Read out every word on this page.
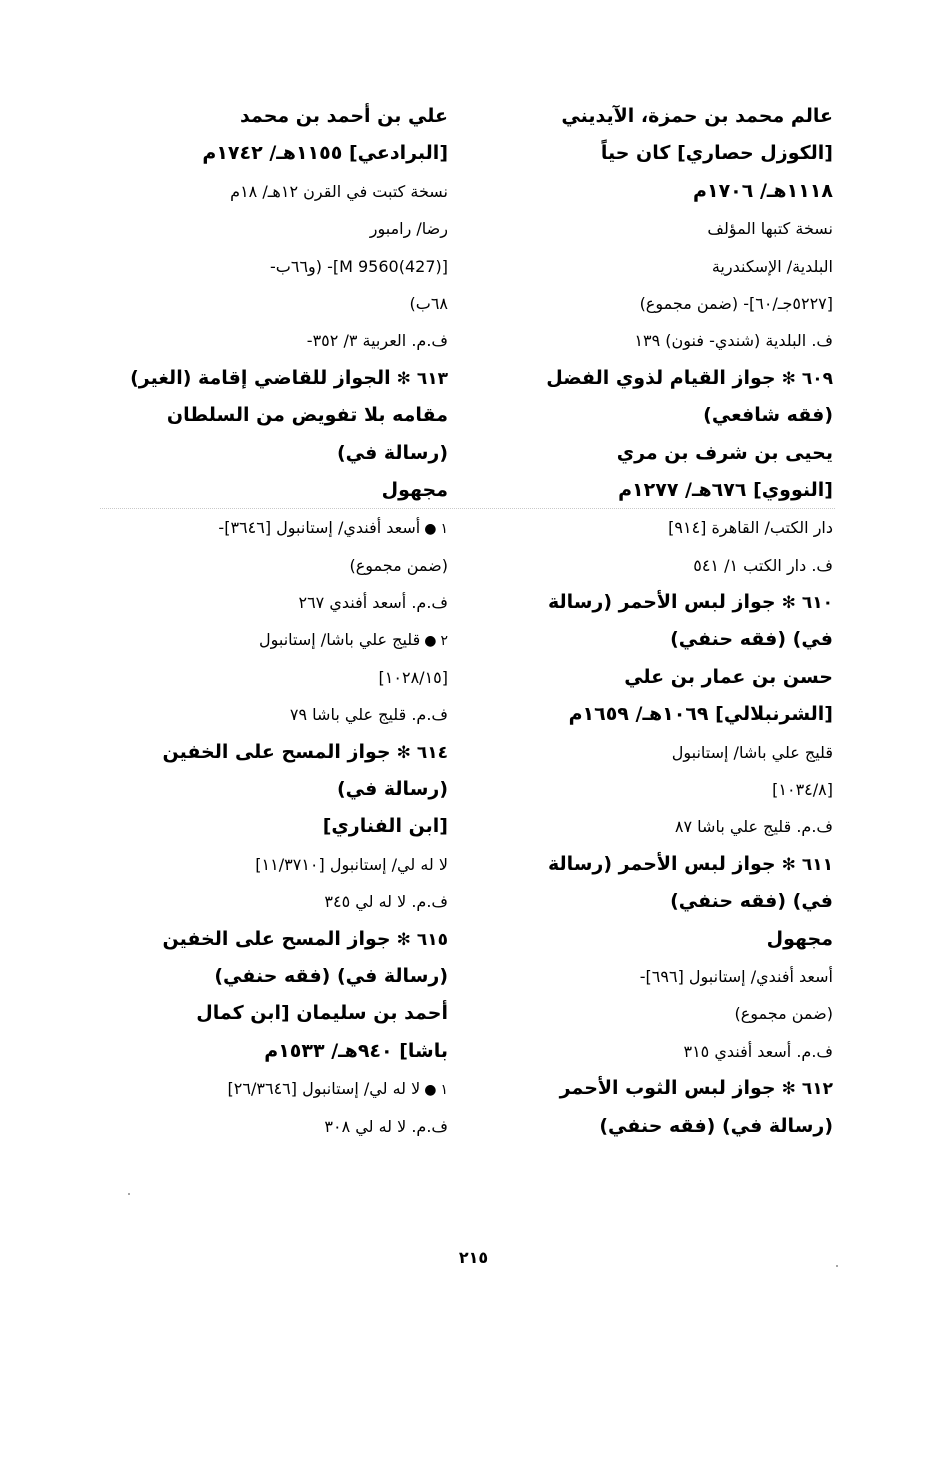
عالم محمد بن حمزة، الآيديني
[الكوزل حصاري] كان حياً
١١١٨هـ/ ١٧٠٦م
نسخة كتبها المؤلف
البلدية/ الإسكندرية
[٥٢٢٧جـ/٦٠]- (ضمن مجموع)
ف. البلدية (شندي- فنون) ١٣٩
٦٠٩✻جواز القيام لذوي الفضل
(فقه شافعي)
يحيى بن شرف بن مري
[النووي] ٦٧٦هـ/ ١٢٧٧م
دار الكتب/ القاهرة [٩١٤]
ف. دار الكتب ١/ ٥٤١
٦١٠✻جواز لبس الأحمر (رسالة
في) (فقه حنفي)
حسن بن عمار بن علي
[الشرنبلالي] ١٠٦٩هـ/ ١٦٥٩م
قليج علي باشا/ إستانبول
[١٠٣٤/٨]
ف.م. قليج علي باشا ٨٧
٦١١✻جواز لبس الأحمر (رسالة
في) (فقه حنفي)
مجهول
أسعد أفندي/ إستانبول [٦٩٦]-
(ضمن مجموع)
ف.م. أسعد أفندي ٣١٥
٦١٢✻جواز لبس الثوب الأحمر
(رسالة في) (فقه حنفي)
علي بن أحمد بن محمد
[البرادعي] ١١٥٥هـ/ ١٧٤٢م
نسخة كتبت في القرن ١٢هـ/ ١٨م
رضا/ رامبور
[M 9560(427)]- (و٦٦ب-
٦٨ب)
ف.م. العربية ٣/ ٣٥٢-
٦١٣✻الجواز للقاضي إقامة (الغير)
مقامه بلا تفويض من السلطان
(رسالة في)
مجهول
١●أسعد أفندي/ إستانبول [٣٦٤٦]-
(ضمن مجموع)
ف.م. أسعد أفندي ٢٦٧
٢●قليج علي باشا/ إستانبول
[١٠٢٨/١٥]
ف.م. قليج علي باشا ٧٩
٦١٤✻جواز المسح على الخفين
(رسالة في)
[ابن الفناري]
لا له لي/ إستانبول [١١/٣٧١٠]
ف.م. لا له لي ٣٤٥
٦١٥✻جواز المسح على الخفين
(رسالة في) (فقه حنفي)
أحمد بن سليمان [ابن كمال
باشا] ٩٤٠هـ/ ١٥٣٣م
١●لا له لي/ إستانبول [٢٦/٣٦٤٦]
ف.م. لا له لي ٣٠٨
٢١٥
